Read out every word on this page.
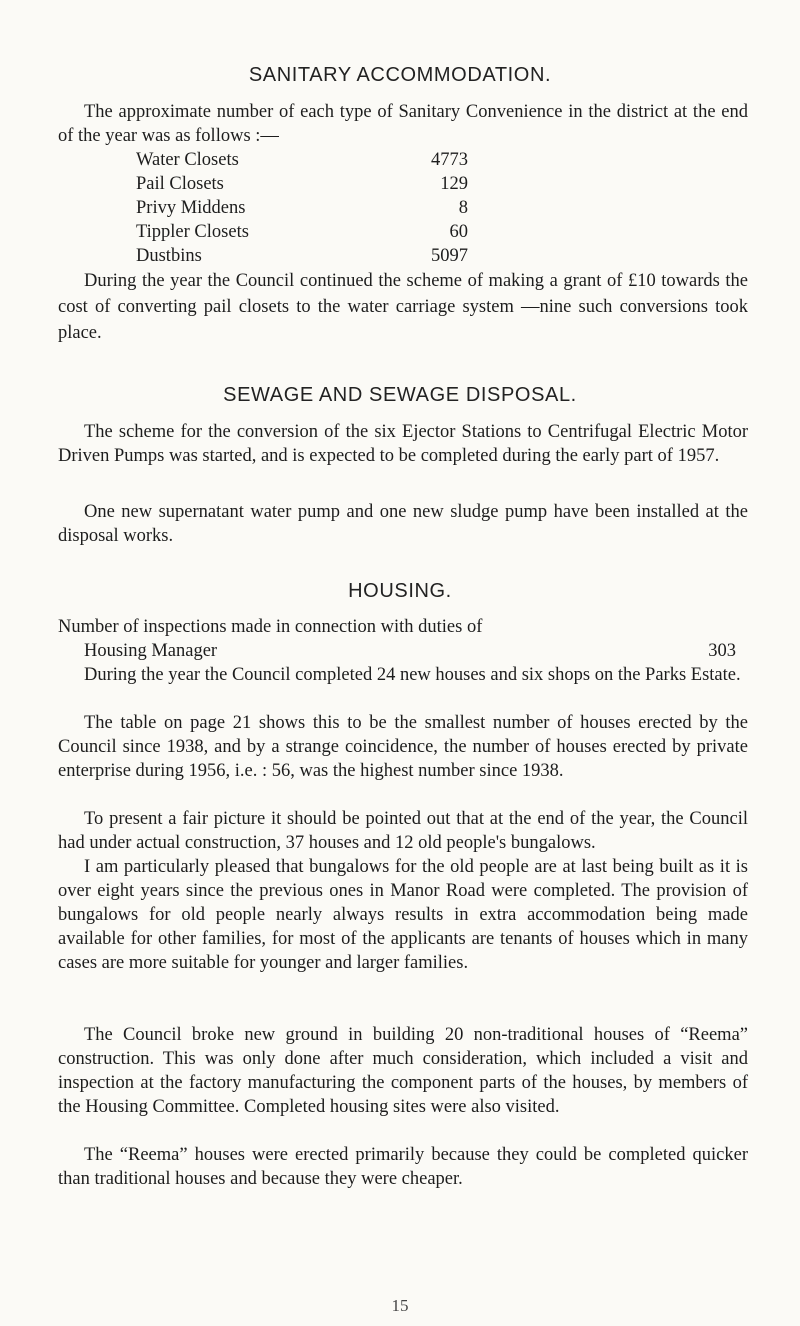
SANITARY ACCOMMODATION.

The approximate number of each type of Sanitary Convenience in the district at the end of the year was as follows :—

Water Closets	4773
Pail Closets	129
Privy Middens	8
Tippler Closets	60
Dustbins	5097

During the year the Council continued the scheme of making a grant of £10 towards the cost of converting pail closets to the water carriage system —nine such conversions took place.

SEWAGE AND SEWAGE DISPOSAL.

The scheme for the conversion of the six Ejector Stations to Centrifugal Electric Motor Driven Pumps was started, and is expected to be completed during the early part of 1957.

One new supernatant water pump and one new sludge pump have been installed at the disposal works.

HOUSING.

Number of inspections made in connection with duties of

Housing Manager	303

During the year the Council completed 24 new houses and six shops on the Parks Estate.

The table on page 21 shows this to be the smallest number of houses erected by the Council since 1938, and by a strange coincidence, the number of houses erected by private enterprise during 1956, i.e. : 56, was the highest number since 1938.

To present a fair picture it should be pointed out that at the end of the year, the Council had under actual construction, 37 houses and 12 old people's bungalows.

I am particularly pleased that bungalows for the old people are at last being built as it is over eight years since the previous ones in Manor Road were completed. The provision of bungalows for old people nearly always results in extra accommodation being made available for other families, for most of the applicants are tenants of houses which in many cases are more suitable for younger and larger families.

The Council broke new ground in building 20 non-traditional houses of “Reema” construction. This was only done after much consideration, which included a visit and inspection at the factory manufacturing the component parts of the houses, by members of the Housing Committee. Completed housing sites were also visited.

The “Reema” houses were erected primarily because they could be completed quicker than traditional houses and because they were cheaper.

15
